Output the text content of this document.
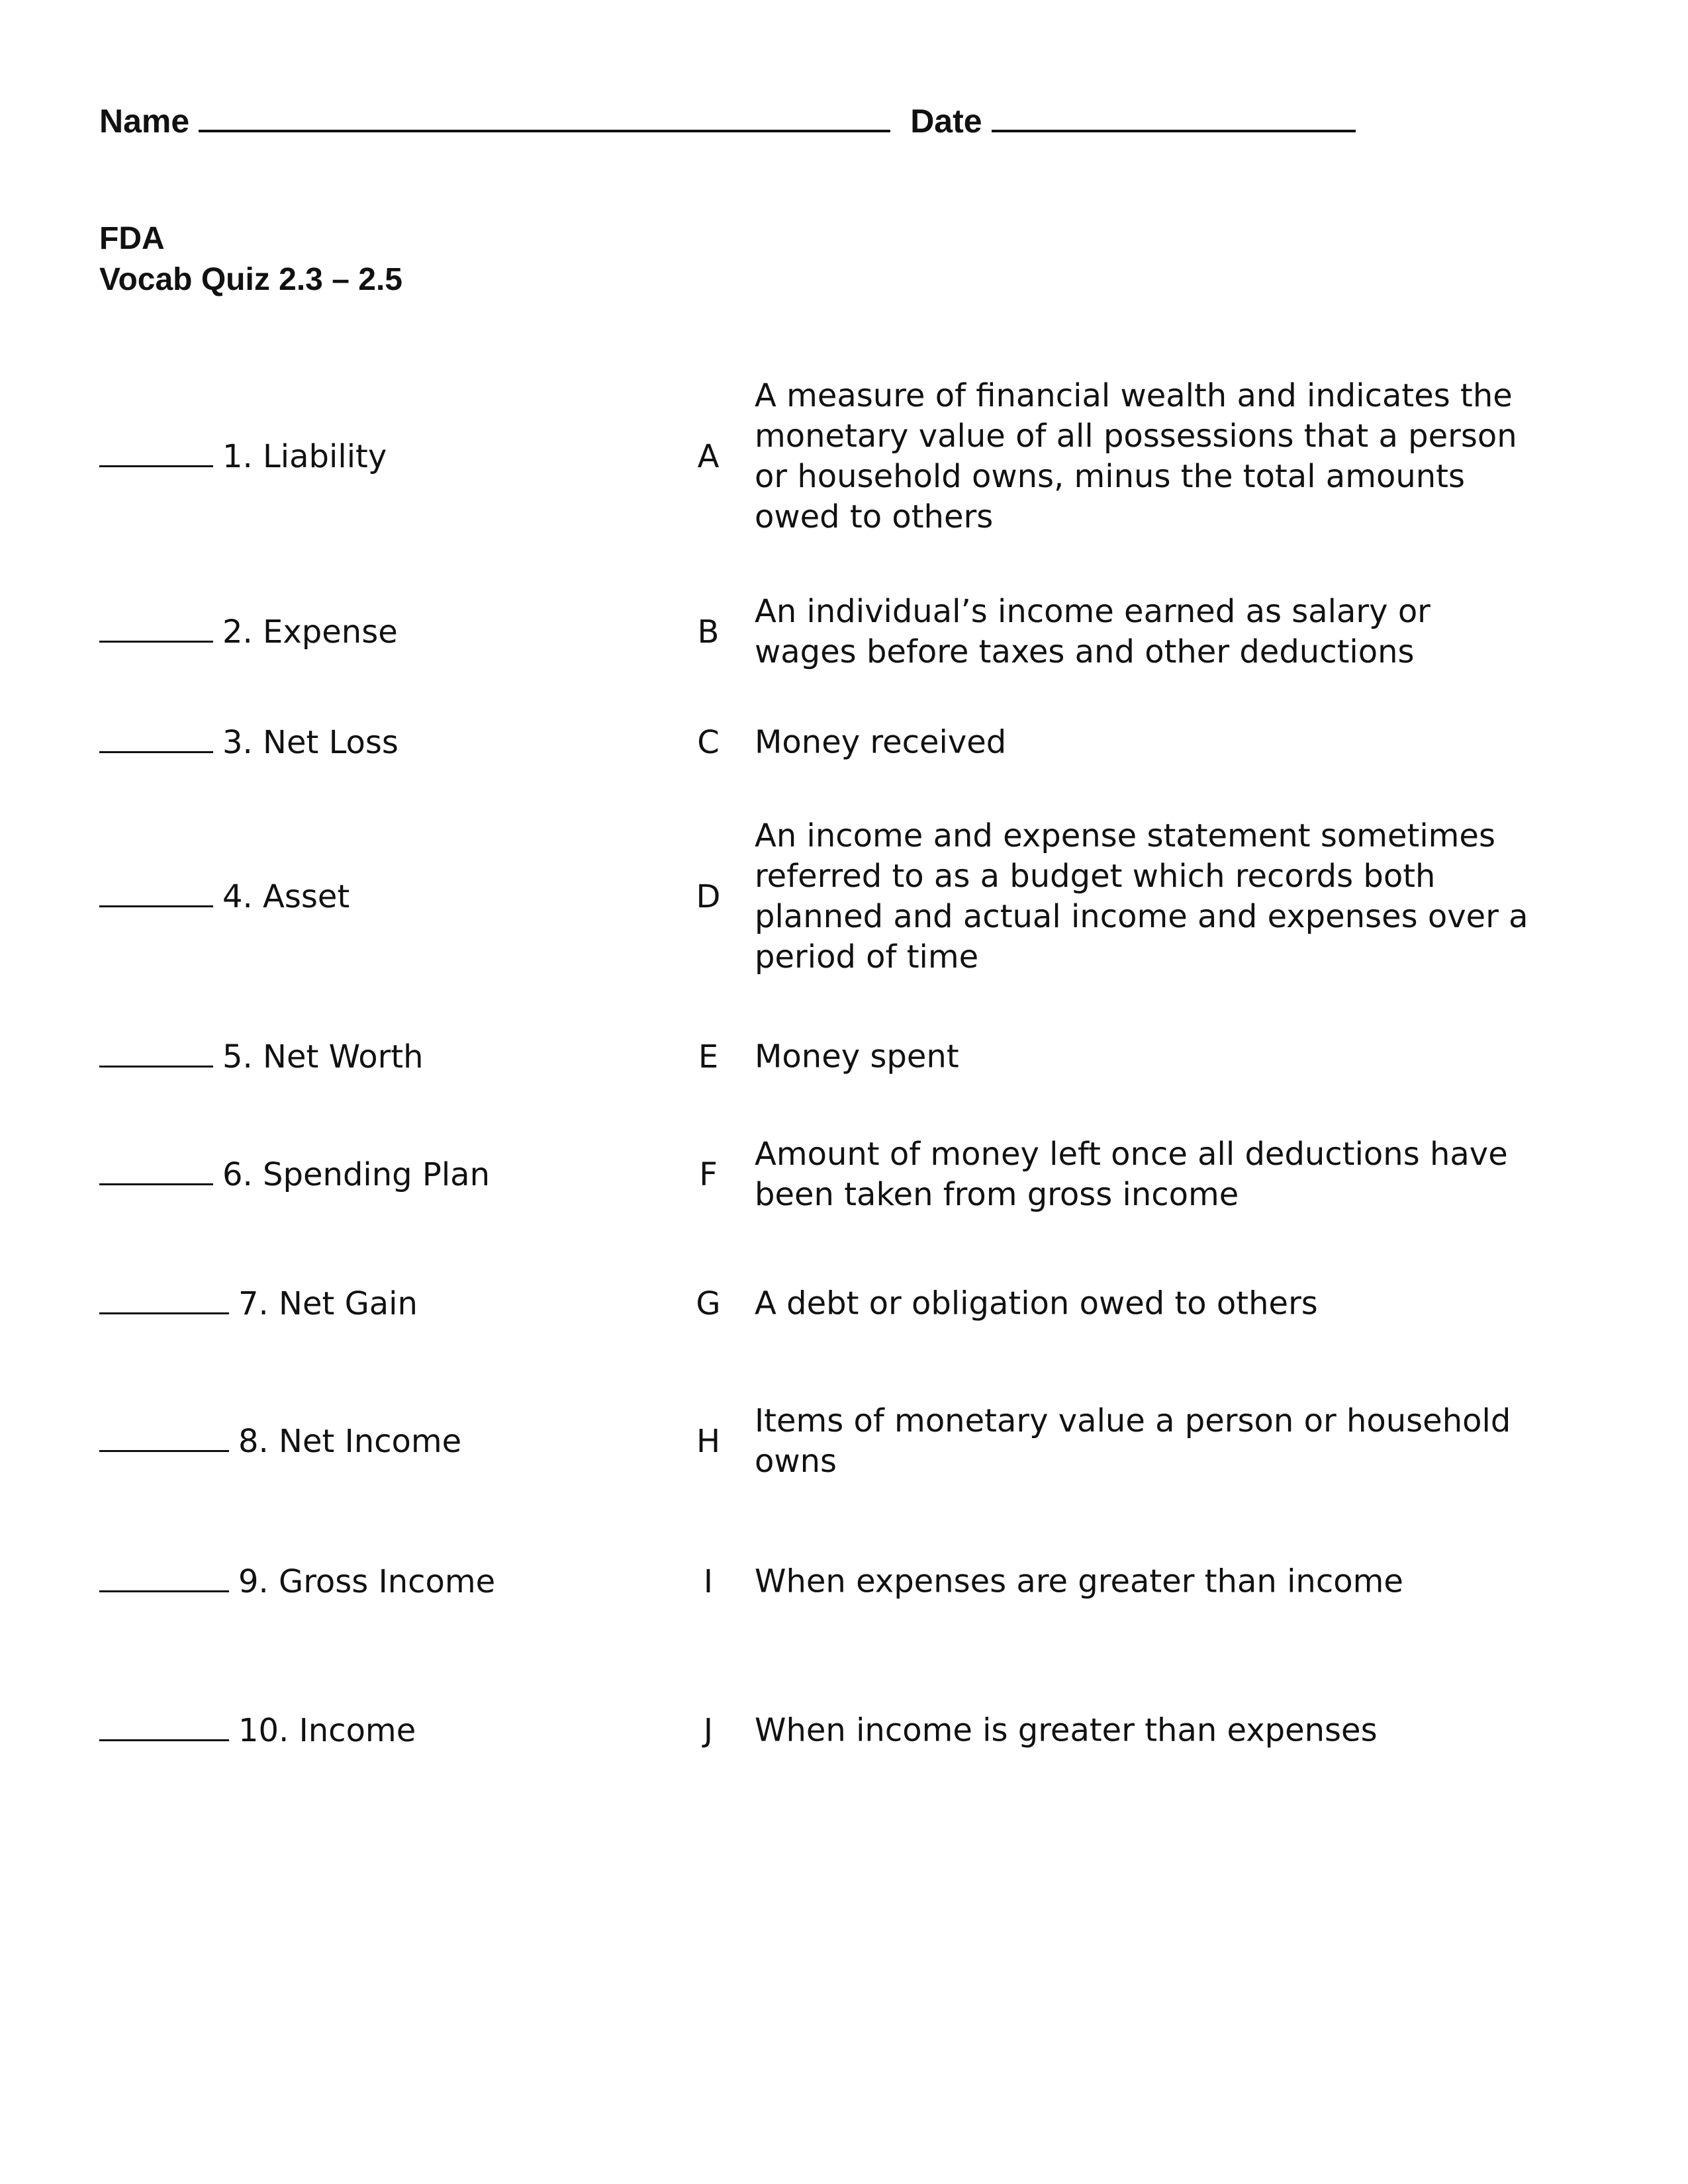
Name	Date
FDA
Vocab Quiz 2.3 – 2.5
1. Liability	A
A measure of financial wealth and indicates the monetary value of all possessions that a person or household owns, minus the total amounts owed to others
2. Expense	B
An individual’s income earned as salary or wages before taxes and other deductions
3. Net Loss	C Money received
4. Asset	D
An income and expense statement sometimes referred to as a budget which records both planned and actual income and expenses over a period of time
5. Net Worth	E	Money spent
6. Spending Plan	F
Amount of money left once all deductions have been taken from gross income
7. Net Gain	G A debt or obligation owed to others
8. Net Income	H
Items of monetary value a person or household owns
9. Gross Income	I	When expenses are greater than income
10. Income	J	When income is greater than expenses
